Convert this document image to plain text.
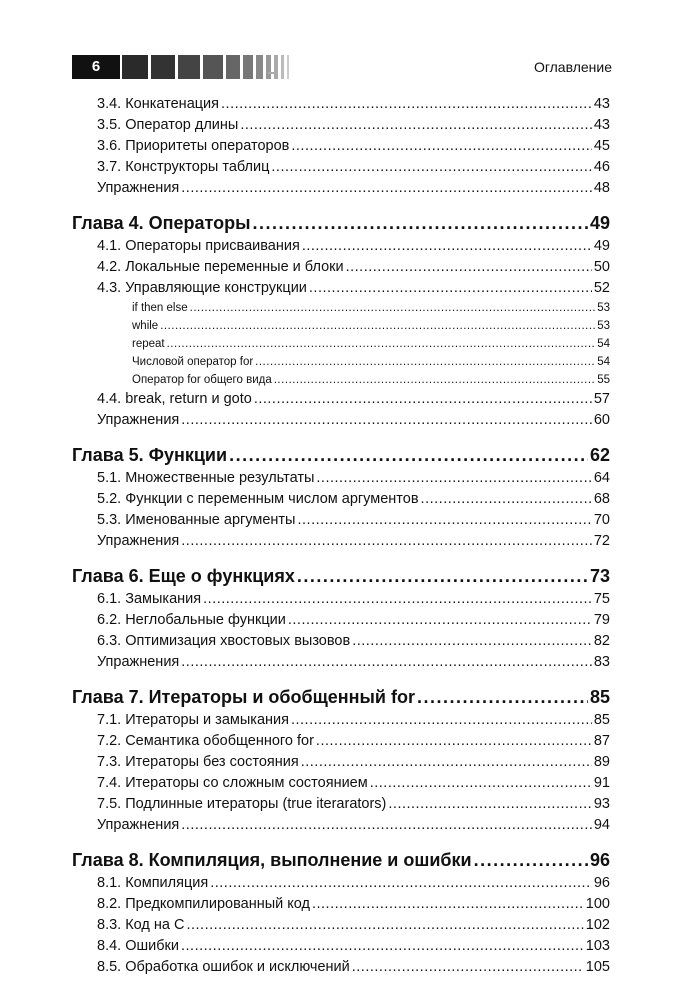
6	Оглавление
3.4. Конкатенация .....	43
3.5. Оператор длины .....	43
3.6. Приоритеты операторов .....	45
3.7. Конструкторы таблиц .....	46
Упражнения .....	48
Глава 4. Операторы .....	49
4.1. Операторы присваивания .....	49
4.2. Локальные переменные и блоки .....	50
4.3. Управляющие конструкции .....	52
if then else .....	53
while .....	53
repeat .....	54
Числовой оператор for .....	54
Оператор for общего вида .....	55
4.4. break, return и goto .....	57
Упражнения .....	60
Глава 5. Функции .....	62
5.1. Множественные результаты .....	64
5.2. Функции с переменным числом аргументов .....	68
5.3. Именованные аргументы .....	70
Упражнения .....	72
Глава 6. Еще о функциях .....	73
6.1. Замыкания .....	75
6.2. Неглобальные функции .....	79
6.3. Оптимизация хвостовых вызовов .....	82
Упражнения .....	83
Глава 7. Итераторы и обобщенный for .....	85
7.1. Итераторы и замыкания .....	85
7.2. Семантика обобщенного for .....	87
7.3. Итераторы без состояния .....	89
7.4. Итераторы со сложным состоянием .....	91
7.5. Подлинные итераторы (true iterarators) .....	93
Упражнения .....	94
Глава 8. Компиляция, выполнение и ошибки .....	96
8.1. Компиляция .....	96
8.2. Предкомпилированный код .....	100
8.3. Код на C .....	102
8.4. Ошибки .....	103
8.5. Обработка ошибок и исключений .....	105
